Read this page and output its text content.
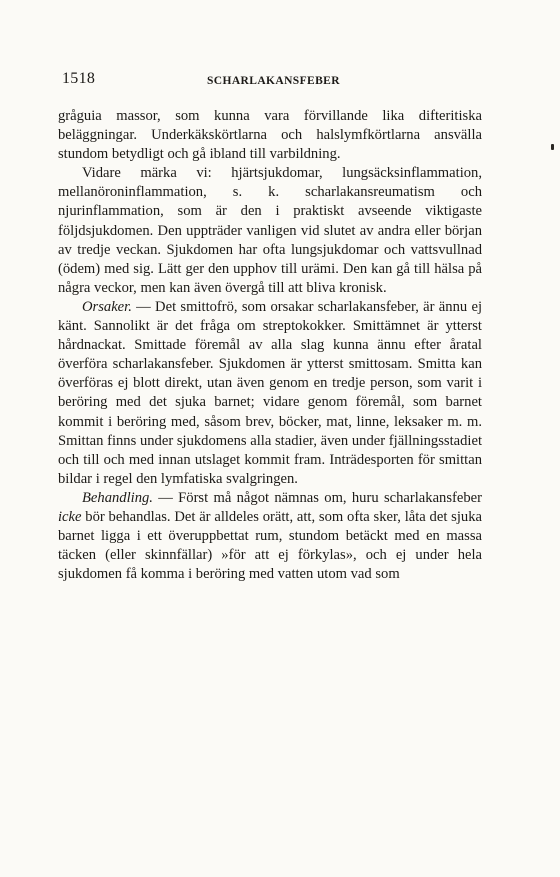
1518	SCHARLAKANSFEBER

gråguia massor, som kunna vara förvillande lika difteritiska beläggningar. Underkäkskörtlarna och halslymfkörtlarna ansvälla stundom betydligt och gå ibland till varbildning.

Vidare märka vi: hjärtsjukdomar, lungsäcksinflammation, mellanöroninflammation, s. k. scharlakansreumatism och njurinflammation, som är den i praktiskt avseende viktigaste följdsjukdomen. Den uppträder vanligen vid slutet av andra eller början av tredje veckan. Sjukdomen har ofta lungsjukdomar och vattsvullnad (ödem) med sig. Lätt ger den upphov till urämi. Den kan gå till hälsa på några veckor, men kan även övergå till att bliva kronisk.

Orsaker. — Det smittofrö, som orsakar scharlakansfeber, är ännu ej känt. Sannolikt är det fråga om streptokokker. Smittämnet är ytterst hårdnackat. Smittade föremål av alla slag kunna ännu efter åratal överföra scharlakansfeber. Sjukdomen är ytterst smittosam. Smitta kan överföras ej blott direkt, utan även genom en tredje person, som varit i beröring med det sjuka barnet; vidare genom föremål, som barnet kommit i beröring med, såsom brev, böcker, mat, linne, leksaker m. m. Smittan finns under sjukdomens alla stadier, även under fjällningsstadiet och till och med innan utslaget kommit fram. Inträdesporten för smittan bildar i regel den lymfatiska svalgringen.

Behandling. — Först må något nämnas om, huru scharlakansfeber icke bör behandlas. Det är alldeles orätt, att, som ofta sker, låta det sjuka barnet ligga i ett överuppbettat rum, stundom betäckt med en massa täcken (eller skinnfällar) »för att ej förkylas», och ej under hela sjukdomen få komma i beröring med vatten utom vad som
